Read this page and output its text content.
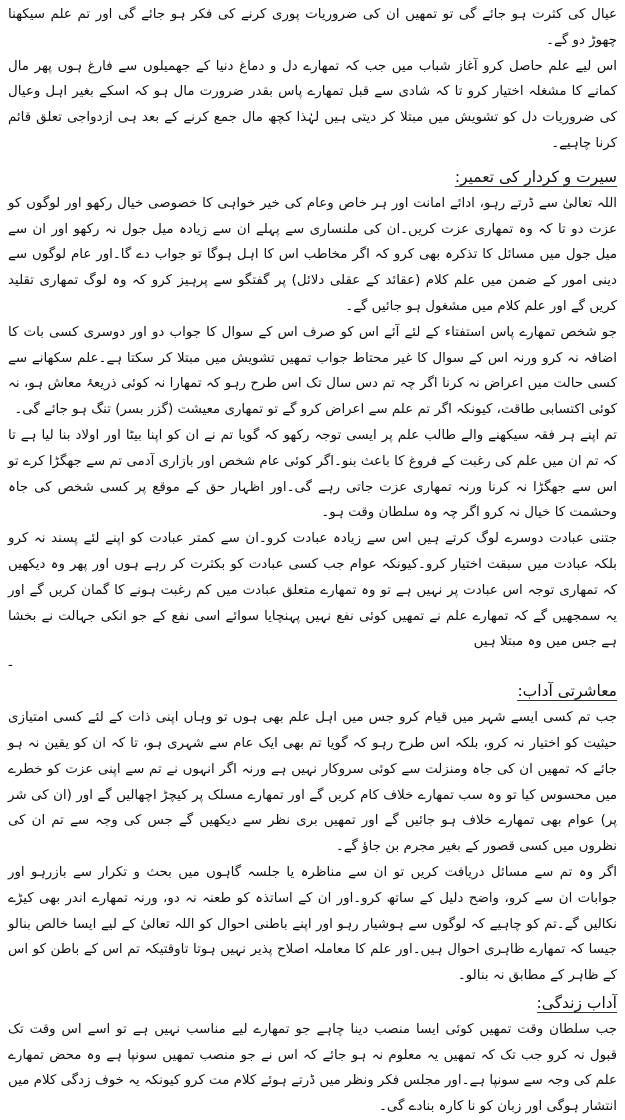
عیال کی کثرت ہو جائے گی تو تمھیں ان کی ضروریات پوری کرنے کی فکر ہو جائے گی اور تم علم سیکھنا چھوڑ دو گے۔

اس لیے علم حاصل کرو آغاز شباب میں جب کہ تمھارے دل و دماغ دنیا کے جھمیلوں سے فارغ ہوں پھر مال کمانے کا مشغلہ اختیار کرو تا کہ شادی سے قبل تمھارے پاس بقدر ضرورت مال ہو کہ اسکے بغیر اہل وعیال کی ضروریات دل کو تشویش میں مبتلا کر دیتی ہیں لہٰذا کچھ مال جمع کرنے کے بعد ہی ازدواجی تعلق قائم کرنا چاہیے۔

سیرت و کردار کی تعمیر:

اللہ تعالیٰ سے ڈرتے رہو، ادائے امانت اور ہر خاص وعام کی خیر خواہی کا خصوصی خیال رکھو اور لوگوں کو عزت دو تا کہ وہ تمھاری عزت کریں۔ان کی ملنساری سے پہلے ان سے زیادہ میل جول نہ رکھو اور ان سے میل جول میں مسائل کا تذکرہ بھی کرو کہ اگر مخاطب اس کا اہل ہوگا تو جواب دے گا۔اور عام لوگوں سے دینی امور کے ضمن میں علم کلام (عقائد کے عقلی دلائل) پر گفتگو سے پرہیز کرو کہ وہ لوگ تمھاری تقلید کریں گے اور علم کلام میں مشغول ہو جائیں گے۔

جو شخص تمھارے پاس استفتاء کے لئے آئے اس کو صرف اس کے سوال کا جواب دو اور دوسری کسی بات کا اضافہ نہ کرو ورنہ اس کے سوال کا غیر محتاط جواب تمھیں تشویش میں مبتلا کر سکتا ہے۔علم سکھانے سے کسی حالت میں اعراض نہ کرنا اگر چہ تم دس سال تک اس طرح رہو کہ تمھارا نہ کوئی ذریعۂ معاش ہو، نہ کوئی اکتسابی طاقت، کیونکہ اگر تم علم سے اعراض کرو گے تو تمھاری معیشت (گزر بسر) تنگ ہو جائے گی۔

تم اپنے ہر فقہ سیکھنے والے طالب علم پر ایسی توجہ رکھو کہ گویا تم نے ان کو اپنا بیٹا اور اولاد بنا لیا ہے تا کہ تم ان میں علم کی رغبت کے فروغ کا باعث بنو۔اگر کوئی عام شخص اور بازاری آدمی تم سے جھگڑا کرے تو اس سے جھگڑا نہ کرنا ورنہ تمھاری عزت جاتی رہے گی۔اور اظہار حق کے موقع پر کسی شخص کی جاہ وحشمت کا خیال نہ کرو اگر چہ وہ سلطان وقت ہو۔

جتنی عبادت دوسرے لوگ کرتے ہیں اس سے زیادہ عبادت کرو۔ان سے کمتر عبادت کو اپنے لئے پسند نہ کرو بلکہ عبادت میں سبقت اختیار کرو۔کیونکہ عوام جب کسی عبادت کو بکثرت کر رہے ہوں اور پھر وہ دیکھیں کہ تمھاری توجہ اس عبادت پر نہیں ہے تو وہ تمھارے متعلق عبادت میں کم رغبت ہونے کا گمان کریں گے اور یہ سمجھیں گے کہ تمھارے علم نے تمھیں کوئی نفع نہیں پہنچایا سوائے اسی نفع کے جو انکی جہالت نے بخشا ہے جس میں وہ مبتلا ہیں

-
معاشرتی آداب:

جب تم کسی ایسے شہر میں قیام کرو جس میں اہل علم بھی ہوں تو وہاں اپنی ذات کے لئے کسی امتیازی حیثیت کو اختیار نہ کرو، بلکہ اس طرح رہو کہ گویا تم بھی ایک عام سے شہری ہو، تا کہ ان کو یقین نہ ہو جائے کہ تمھیں ان کی جاہ ومنزلت سے کوئی سروکار نہیں ہے ورنہ اگر انہوں نے تم سے اپنی عزت کو خطرے میں محسوس کیا تو وہ سب تمھارے خلاف کام کریں گے اور تمھارے مسلک پر کیچڑ اچھالیں گے اور (ان کی شر پر) عوام بھی تمھارے خلاف ہو جائیں گے اور تمھیں بری نظر سے دیکھیں گے جس کی وجہ سے تم ان کی نظروں میں کسی قصور کے بغیر مجرم بن جاؤ گے۔

اگر وہ تم سے مسائل دریافت کریں تو ان سے مناظرہ یا جلسہ گاہوں میں بحث و تکرار سے بازرہو اور جوابات ان سے کرو، واضح دلیل کے ساتھ کرو۔اور ان کے اساتذہ کو طعنہ نہ دو، ورنہ تمھارے اندر بھی کیڑے نکالیں گے۔تم کو چاہیے کہ لوگوں سے ہوشیار رہو اور اپنے باطنی احوال کو اللہ تعالیٰ کے لیے ایسا خالص بنالو جیسا کہ تمھارے ظاہری احوال ہیں۔اور علم کا معاملہ اصلاح پذیر نہیں ہوتا تاوقتیکہ تم اس کے باطن کو اس کے ظاہر کے مطابق نہ بنالو۔

آداب زندگی:

جب سلطان وقت تمھیں کوئی ایسا منصب دینا چاہے جو تمھارے لیے مناسب نہیں ہے تو اسے اس وقت تک قبول نہ کرو جب تک کہ تمھیں یہ معلوم نہ ہو جائے کہ اس نے جو منصب تمھیں سونپا ہے وہ محض تمھارے علم کی وجہ سے سونپا ہے۔اور مجلس فکر ونظر میں ڈرتے ہوئے کلام مت کرو کیونکہ یہ خوف زدگی کلام میں انتشار ہوگی اور زبان کو نا کارہ بنادے گی۔
